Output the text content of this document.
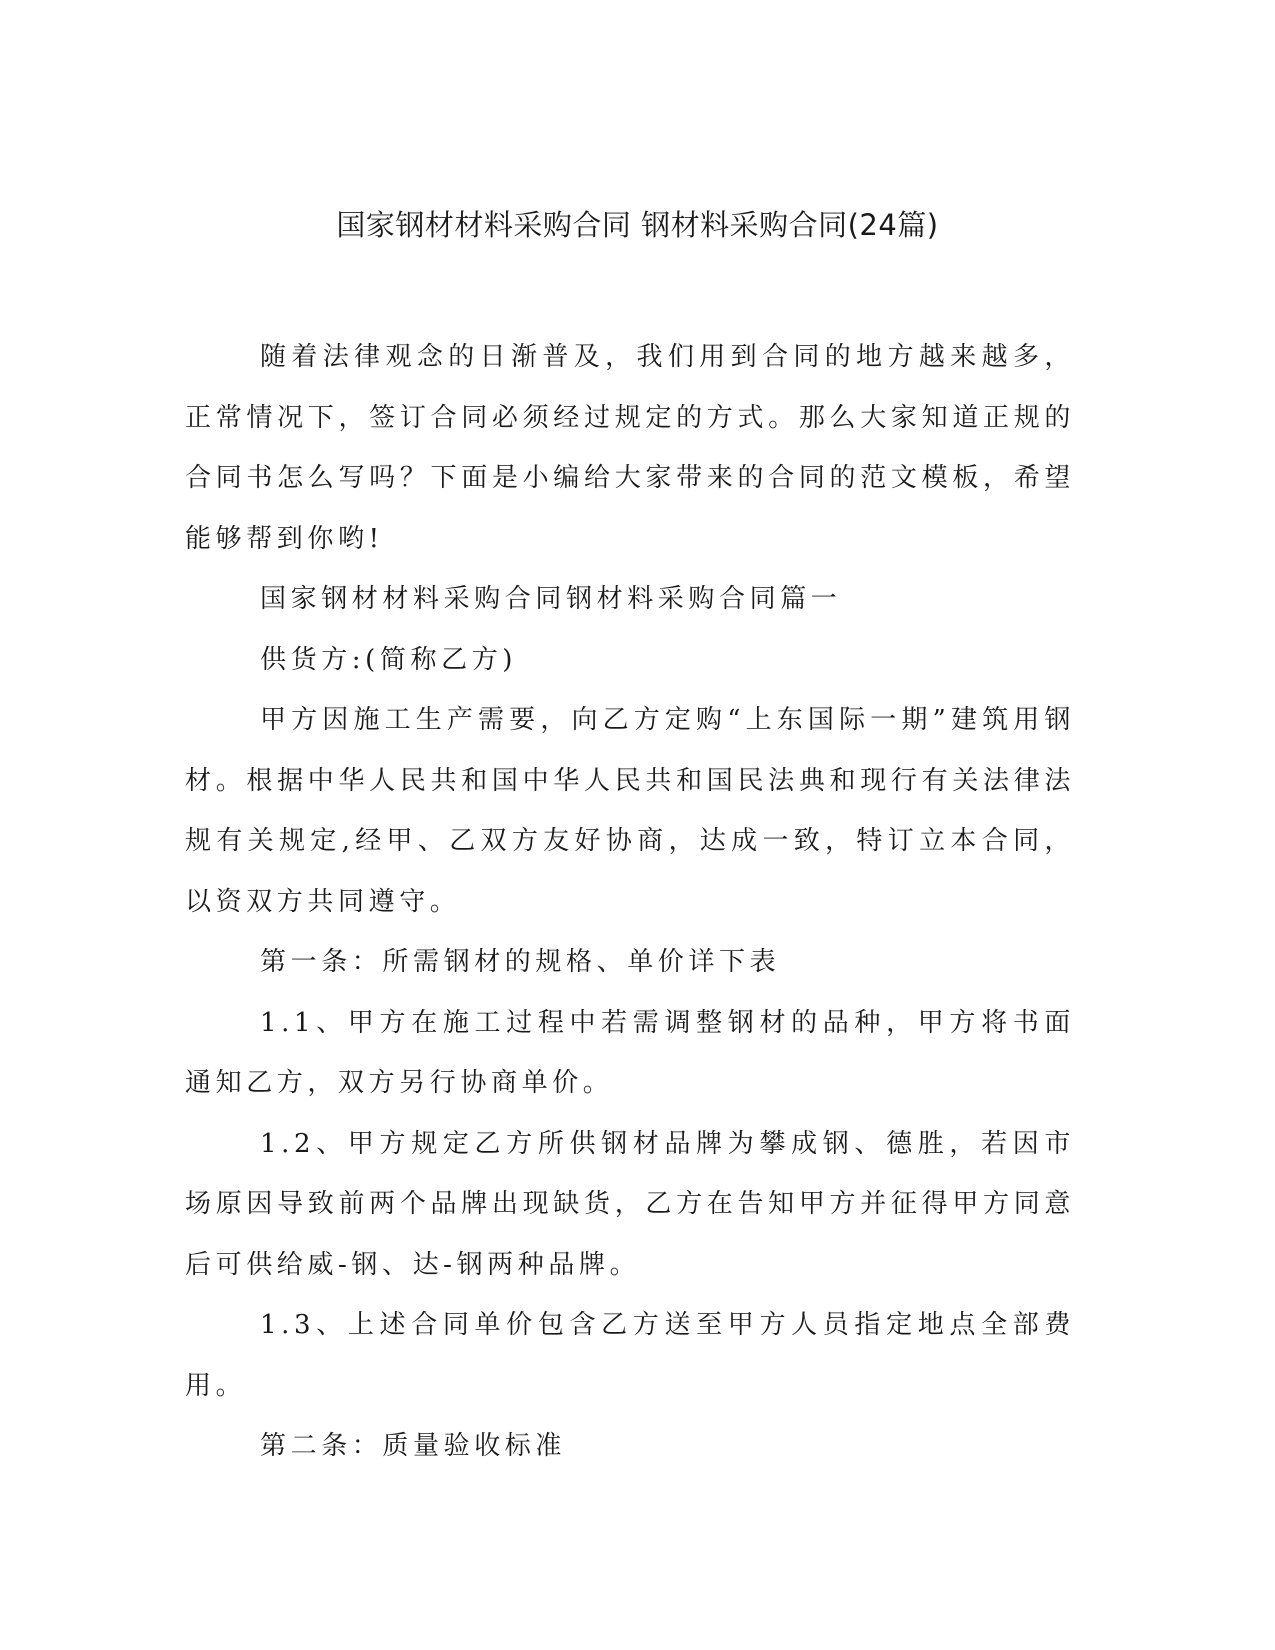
国家钢材材料采购合同 钢材料采购合同(24篇)

随着法律观念的日渐普及，我们用到合同的地方越来越多，正常情况下，签订合同必须经过规定的方式。那么大家知道正规的合同书怎么写吗？下面是小编给大家带来的合同的范文模板，希望能够帮到你哟!

国家钢材材料采购合同钢材料采购合同篇一

供货方:(简称乙方)

甲方因施工生产需要，向乙方定购“上东国际一期”建筑用钢材。根据中华人民共和国中华人民共和国民法典和现行有关法律法规有关规定,经甲、乙双方友好协商，达成一致，特订立本合同，以资双方共同遵守。

第一条：所需钢材的规格、单价详下表

1.1、甲方在施工过程中若需调整钢材的品种，甲方将书面通知乙方，双方另行协商单价。

1.2、甲方规定乙方所供钢材品牌为攀成钢、德胜，若因市场原因导致前两个品牌出现缺货，乙方在告知甲方并征得甲方同意后可供给威-钢、达-钢两种品牌。

1.3、上述合同单价包含乙方送至甲方人员指定地点全部费用。

第二条：质量验收标准
